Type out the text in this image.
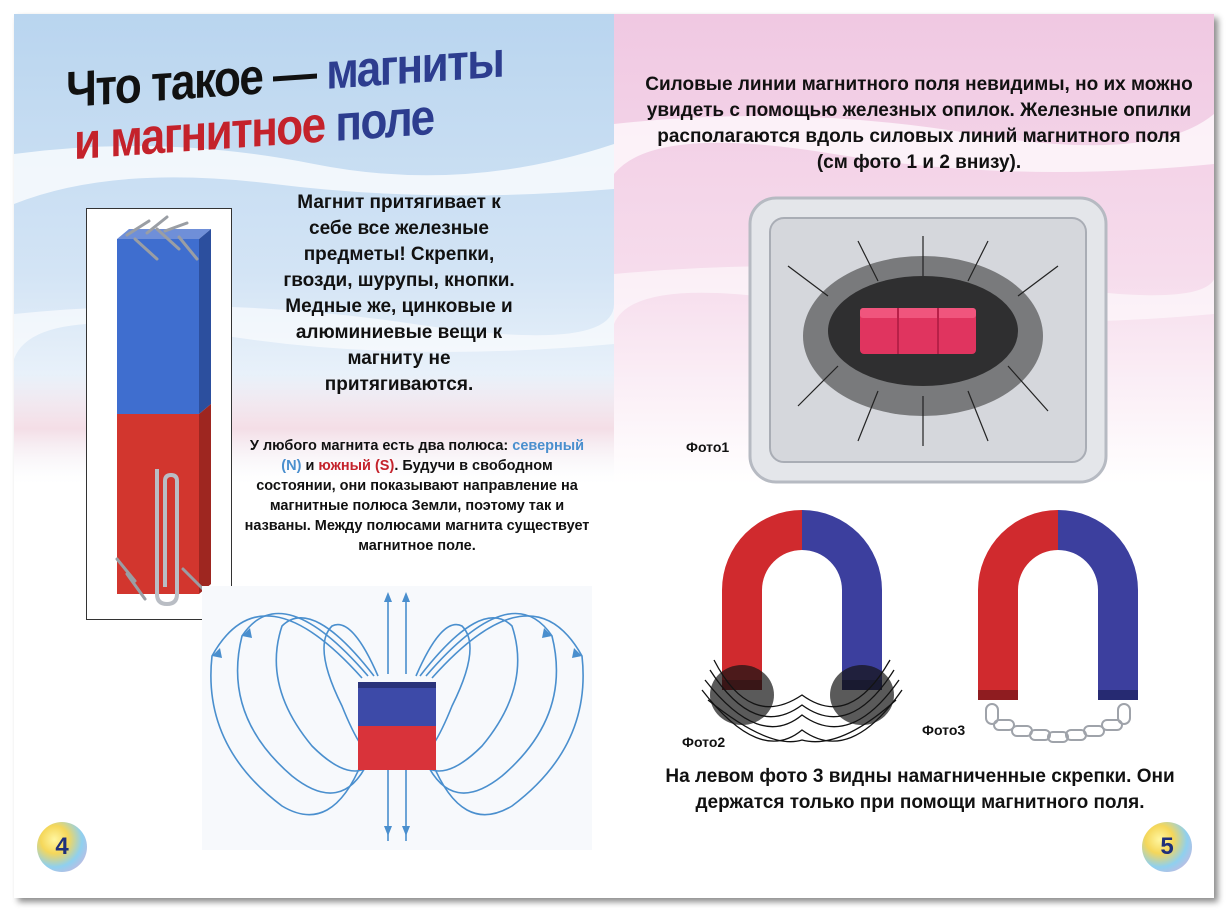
Что такое — магниты
и магнитное поле
Магнит притягивает к себе все железные предметы! Скрепки, гвозди, шурупы, кнопки. Медные же, цинковые и алюминиевые вещи к магниту не притягиваются.
У любого магнита есть два полюса: северный (N) и южный (S). Будучи в свободном состоянии, они показывают направление на магнитные полюса Земли, поэтому так и названы. Между полюсами магнита существует магнитное поле.
4
Силовые линии магнитного поля невидимы, но их можно увидеть с помощью железных опилок. Железные опилки располагаются вдоль силовых линий магнитного поля (см фото 1 и 2 внизу).
Фото1
Фото2
Фото3
На левом фото 3 видны намагниченные скрепки. Они держатся только при помощи магнитного поля.
5
